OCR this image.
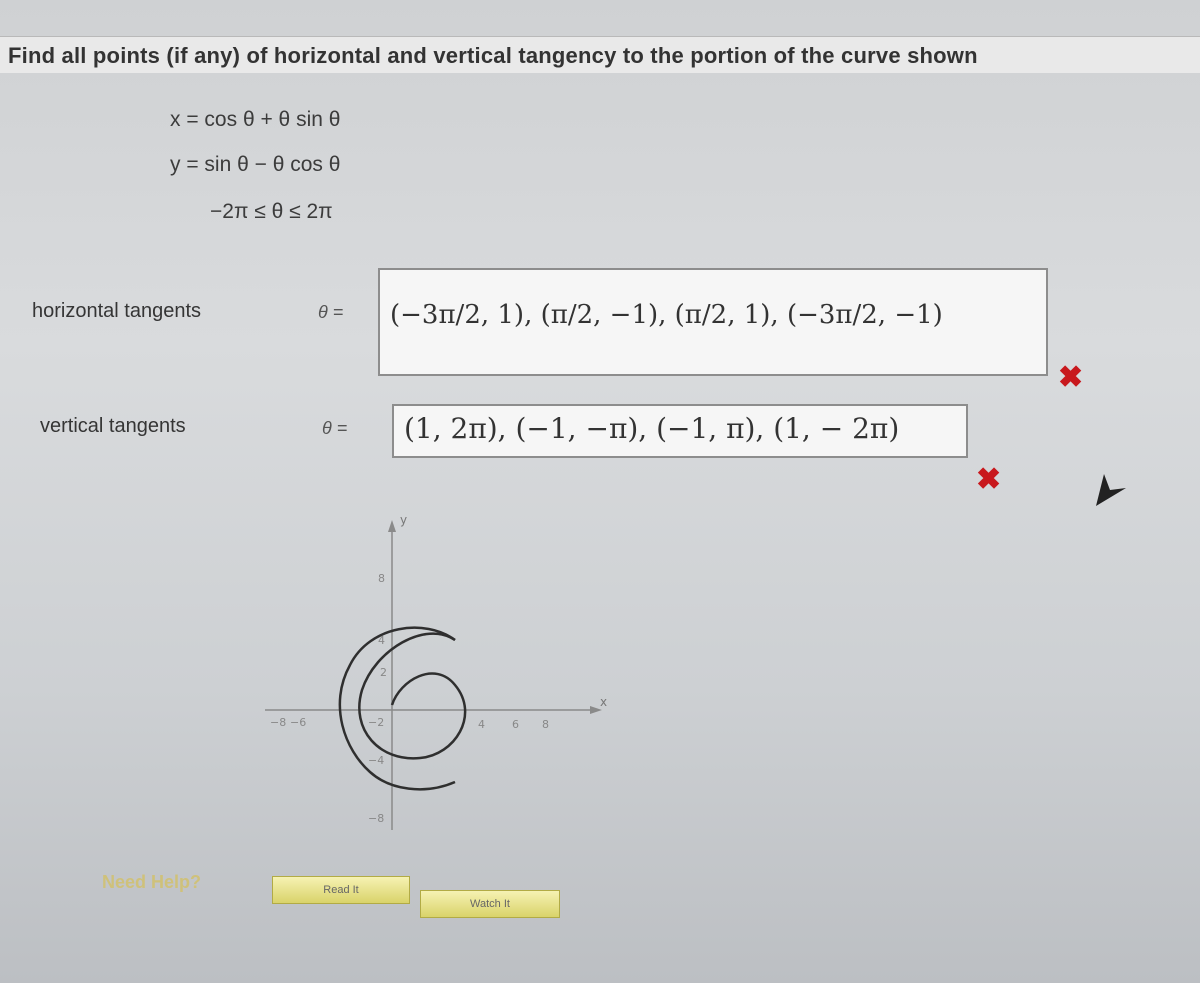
Find all points (if any) of horizontal and vertical tangency to the portion of the curve shown
x = cos θ + θ sin θ
y = sin θ − θ cos θ
−2π ≤ θ ≤ 2π
horizontal tangents	θ = (−3π/2, 1), (π/2, −1), (π/2, 1), (−3π/2, −1)
✖
vertical tangents	θ = (1, 2π), (−1, −π), (−1, π), (1, − 2π)
✖
y
x
8
4
2
−2
−4
−8
−8 −6	4 6 8
Need Help?	Read It
Watch It
